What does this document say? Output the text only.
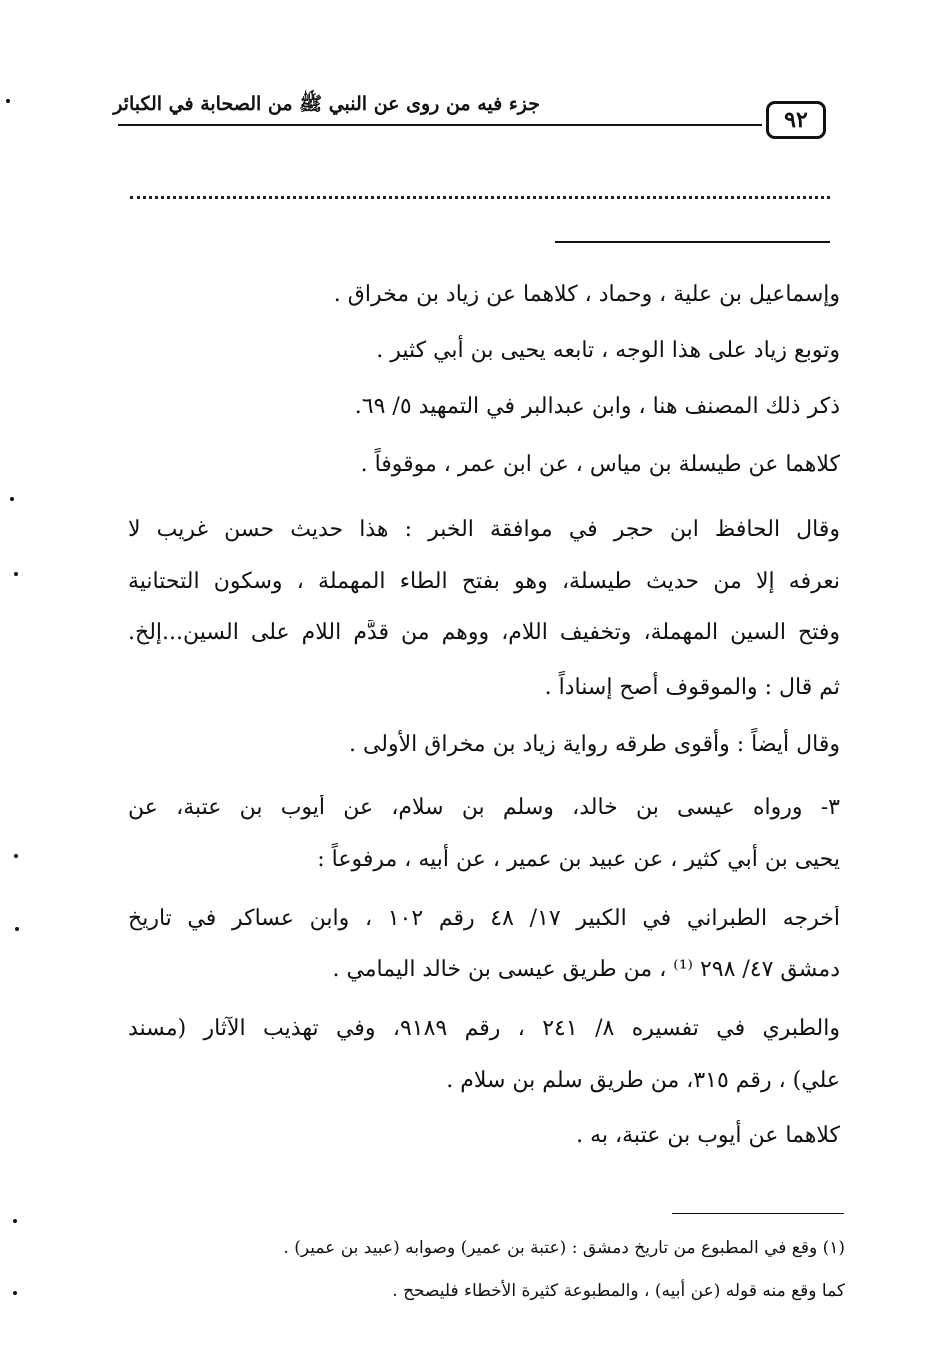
جزء فيه من روى عن النبي ﷺ من الصحابة في الكبائر
٩٢
وإسماعيل بن علية ، وحماد ، كلاهما عن زياد بن مخراق .
وتوبع زياد على هذا الوجه ، تابعه يحيى بن أبي كثير .
ذكر ذلك المصنف هنا ، وابن عبدالبر في التمهيد ٥/ ٦٩.
كلاهما عن طيسلة بن مياس ، عن ابن عمر ، موقوفاً .
وقال الحافظ ابن حجر في موافقة الخبر : هذا حديث حسن غريب لا
نعرفه إلا من حديث طيسلة، وهو بفتح الطاء المهملة ، وسكون التحتانية
وفتح السين المهملة، وتخفيف اللام، ووهم من قدَّم اللام على السين...إلخ.
ثم قال : والموقوف أصح إسناداً .
وقال أيضاً : وأقوى طرقه رواية زياد بن مخراق الأولى .
٣- ورواه عيسى بن خالد، وسلم بن سلام، عن أيوب بن عتبة، عن
يحيى بن أبي كثير ، عن عبيد بن عمير ، عن أبيه ، مرفوعاً :
أخرجه الطبراني في الكبير ١٧/ ٤٨ رقم ١٠٢ ، وابن عساكر في تاريخ
دمشق ٤٧/ ٢٩٨ ⁽¹⁾ ، من طريق عيسى بن خالد اليمامي .
والطبري في تفسيره ٨/ ٢٤١ ، رقم ٩١٨٩، وفي تهذيب الآثار (مسند
علي) ، رقم ٣١٥، من طريق سلم بن سلام .
كلاهما عن أيوب بن عتبة، به .
(١) وقع في المطبوع من تاريخ دمشق : (عتبة بن عمير) وصوابه (عبيد بن عمير) .
كما وقع منه قوله (عن أبيه) ، والمطبوعة كثيرة الأخطاء فليصحح .
